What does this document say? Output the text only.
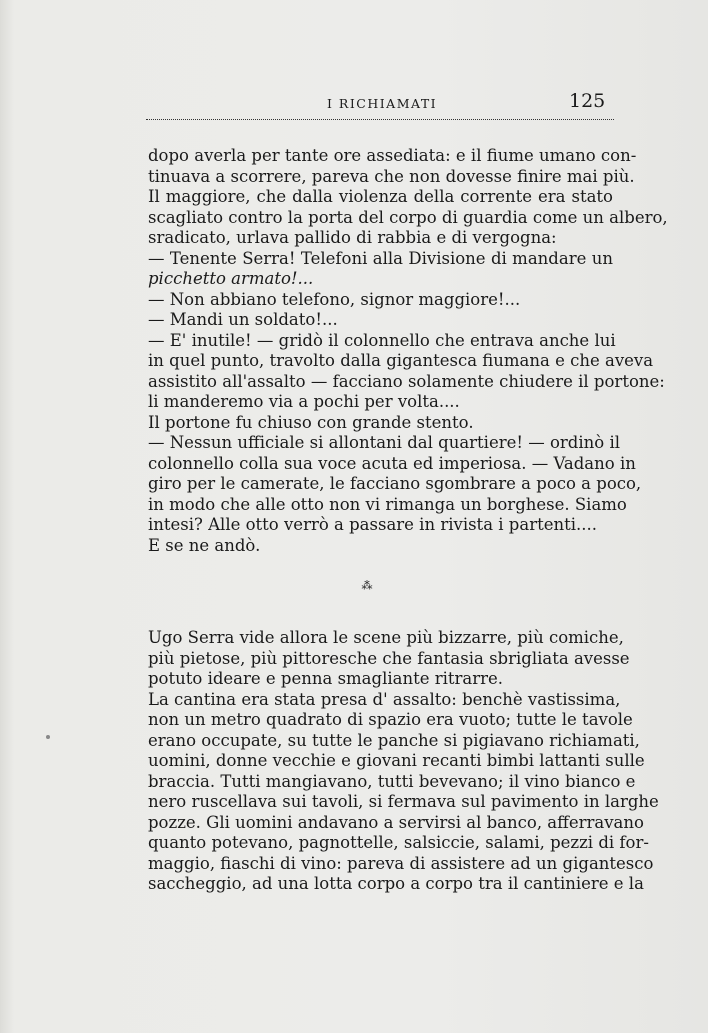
I RICHIAMATI	125
dopo averla per tante ore assediata: e il fiume umano con-
tinuava a scorrere, pareva che non dovesse finire mai più.
Il maggiore, che dalla violenza della corrente era stato
scagliato contro la porta del corpo di guardia come un albero,
sradicato, urlava pallido di rabbia e di vergogna:
— Tenente Serra! Telefoni alla Divisione di mandare un
picchetto armato!...
— Non abbiano telefono, signor maggiore!...
— Mandi un soldato!...
— E' inutile! — gridò il colonnello che entrava anche lui
in quel punto, travolto dalla gigantesca fiumana e che aveva
assistito all'assalto — facciano solamente chiudere il portone:
li manderemo via a pochi per volta....
Il portone fu chiuso con grande stento.
— Nessun ufficiale si allontani dal quartiere! — ordinò il
colonnello colla sua voce acuta ed imperiosa. — Vadano in
giro per le camerate, le facciano sgombrare a poco a poco,
in modo che alle otto non vi rimanga un borghese. Siamo
intesi? Alle otto verrò a passare in rivista i partenti....
E se ne andò.
⁂
Ugo Serra vide allora le scene più bizzarre, più comiche,
più pietose, più pittoresche che fantasia sbrigliata avesse
potuto ideare e penna smagliante ritrarre.
La cantina era stata presa d' assalto: benchè vastissima,
non un metro quadrato di spazio era vuoto; tutte le tavole
erano occupate, su tutte le panche si pigiavano richiamati,
uomini, donne vecchie e giovani recanti bimbi lattanti sulle
braccia. Tutti mangiavano, tutti bevevano; il vino bianco e
nero ruscellava sui tavoli, si fermava sul pavimento in larghe
pozze. Gli uomini andavano a servirsi al banco, afferravano
quanto potevano, pagnottelle, salsiccie, salami, pezzi di for-
maggio, fiaschi di vino: pareva di assistere ad un gigantesco
saccheggio, ad una lotta corpo a corpo tra il cantiniere e la
